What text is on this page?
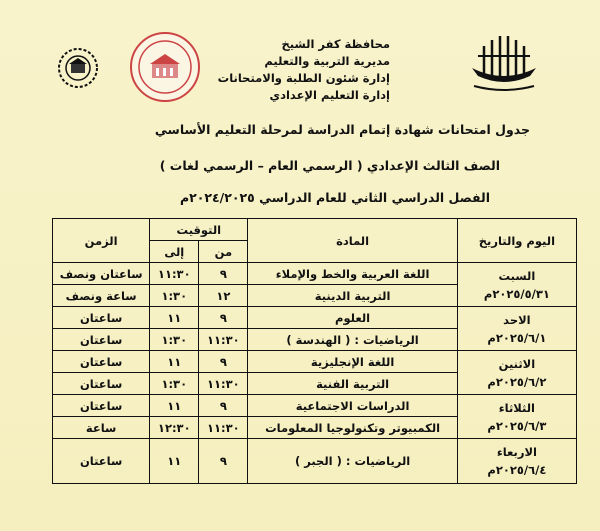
محافظة كفر الشيخ
مديرية التربية والتعليم
إدارة شئون الطلبة والامتحانات
إدارة التعليم الإعدادي
جدول امتحانات شهادة إتمام الدراسة لمرحلة التعليم الأساسي
الصف الثالث الإعدادي ( الرسمي العام – الرسمي لغات )
الفصل الدراسي الثاني للعام الدراسي ٢٠٢٤/٢٠٢٥م
اليوم والتاريخ	المادة	التوقيت		الزمن
		من	إلى	

السبت
٢٠٢٥/٥/٣١م	اللغة العربية والخط والإملاء	٩	١١:٣٠	ساعتان ونصف
	التربية الدينية	١٢	١:٣٠	ساعة ونصف

الاحد
٢٠٢٥/٦/١م	العلوم	٩	١١	ساعتان
	الرياضيات : ( الهندسة )	١١:٣٠	١:٣٠	ساعتان

الاثنين
٢٠٢٥/٦/٢م	اللغة الإنجليزية	٩	١١	ساعتان
	التربية الفنية	١١:٣٠	١:٣٠	ساعتان

الثلاثاء
٢٠٢٥/٦/٣م	الدراسات الاجتماعية	٩	١١	ساعتان
	الكمبيوتر وتكنولوجيا المعلومات	١١:٣٠	١٢:٣٠	ساعة

الاربعاء
٢٠٢٥/٦/٤م	الرياضيات : ( الجبر )	٩	١١	ساعتان
